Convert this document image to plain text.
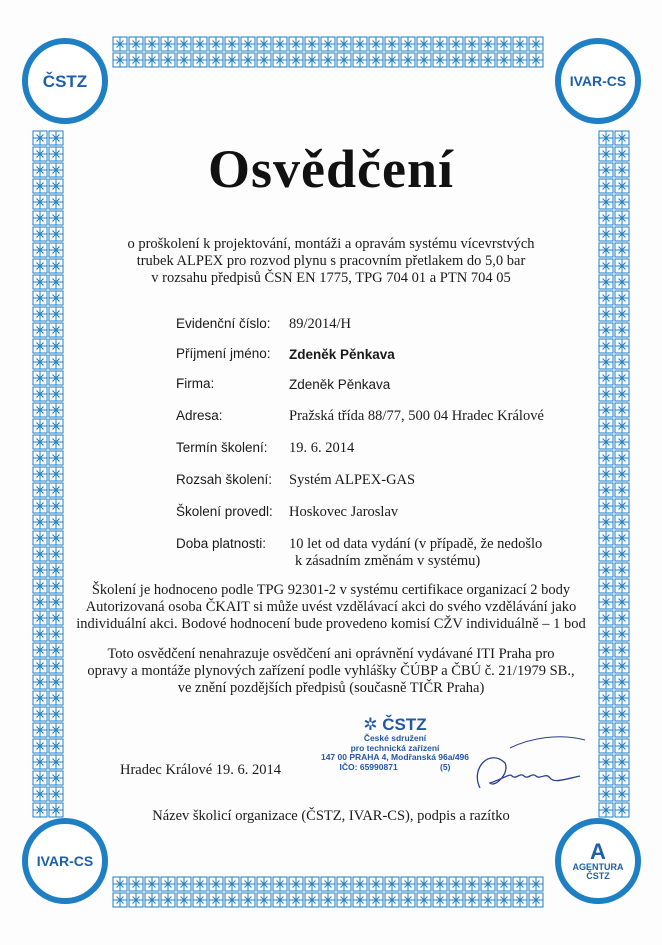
ČSTZ	IVAR-CS
IVAR-CS	A
AGENTURA
ČSTZ
Osvědčení
o proškolení k projektování, montáži a opravám systému vícevrstvých
trubek ALPEX pro rozvod plynu s pracovním přetlakem do 5,0 bar
v rozsahu předpisů ČSN EN 1775, TPG 704 01 a PTN 704 05
Evidenční číslo: 89/2014/H
Příjmení jméno: Zdeněk Pěnkava
Firma:	Zdeněk Pěnkava
Adresa:	Pražská třída 88/77, 500 04 Hradec Králové
Termín školení: 19. 6. 2014
Rozsah školení: Systém ALPEX-GAS
Školení provedl: Hoskovec Jaroslav
Doba platnosti: 10 let od data vydání (v případě, že nedošlo
k zásadním změnám v systému)
Školení je hodnoceno podle TPG 92301-2 v systému certifikace organizací 2 body
Autorizovaná osoba ČKAIT si může uvést vzdělávací akci do svého vzdělávání jako
individuální akci. Bodové hodnocení bude provedeno komisí CŽV individuálně – 1 bod
Toto osvědčení nenahrazuje osvědčení ani oprávnění vydávané ITI Praha pro
opravy a montáže plynových zařízení podle vyhlášky ČÚBP a ČBÚ č. 21/1979 SB.,
ve znění pozdějších předpisů (současně TIČR Praha)
Hradec Králové 19. 6. 2014
✲ ČSTZ
České sdružení
pro technická zařízení
147 00 PRAHA 4, Modřanská 96a/496
IČO: 65990871	(5)
Název školicí organizace (ČSTZ, IVAR-CS), podpis a razítko
